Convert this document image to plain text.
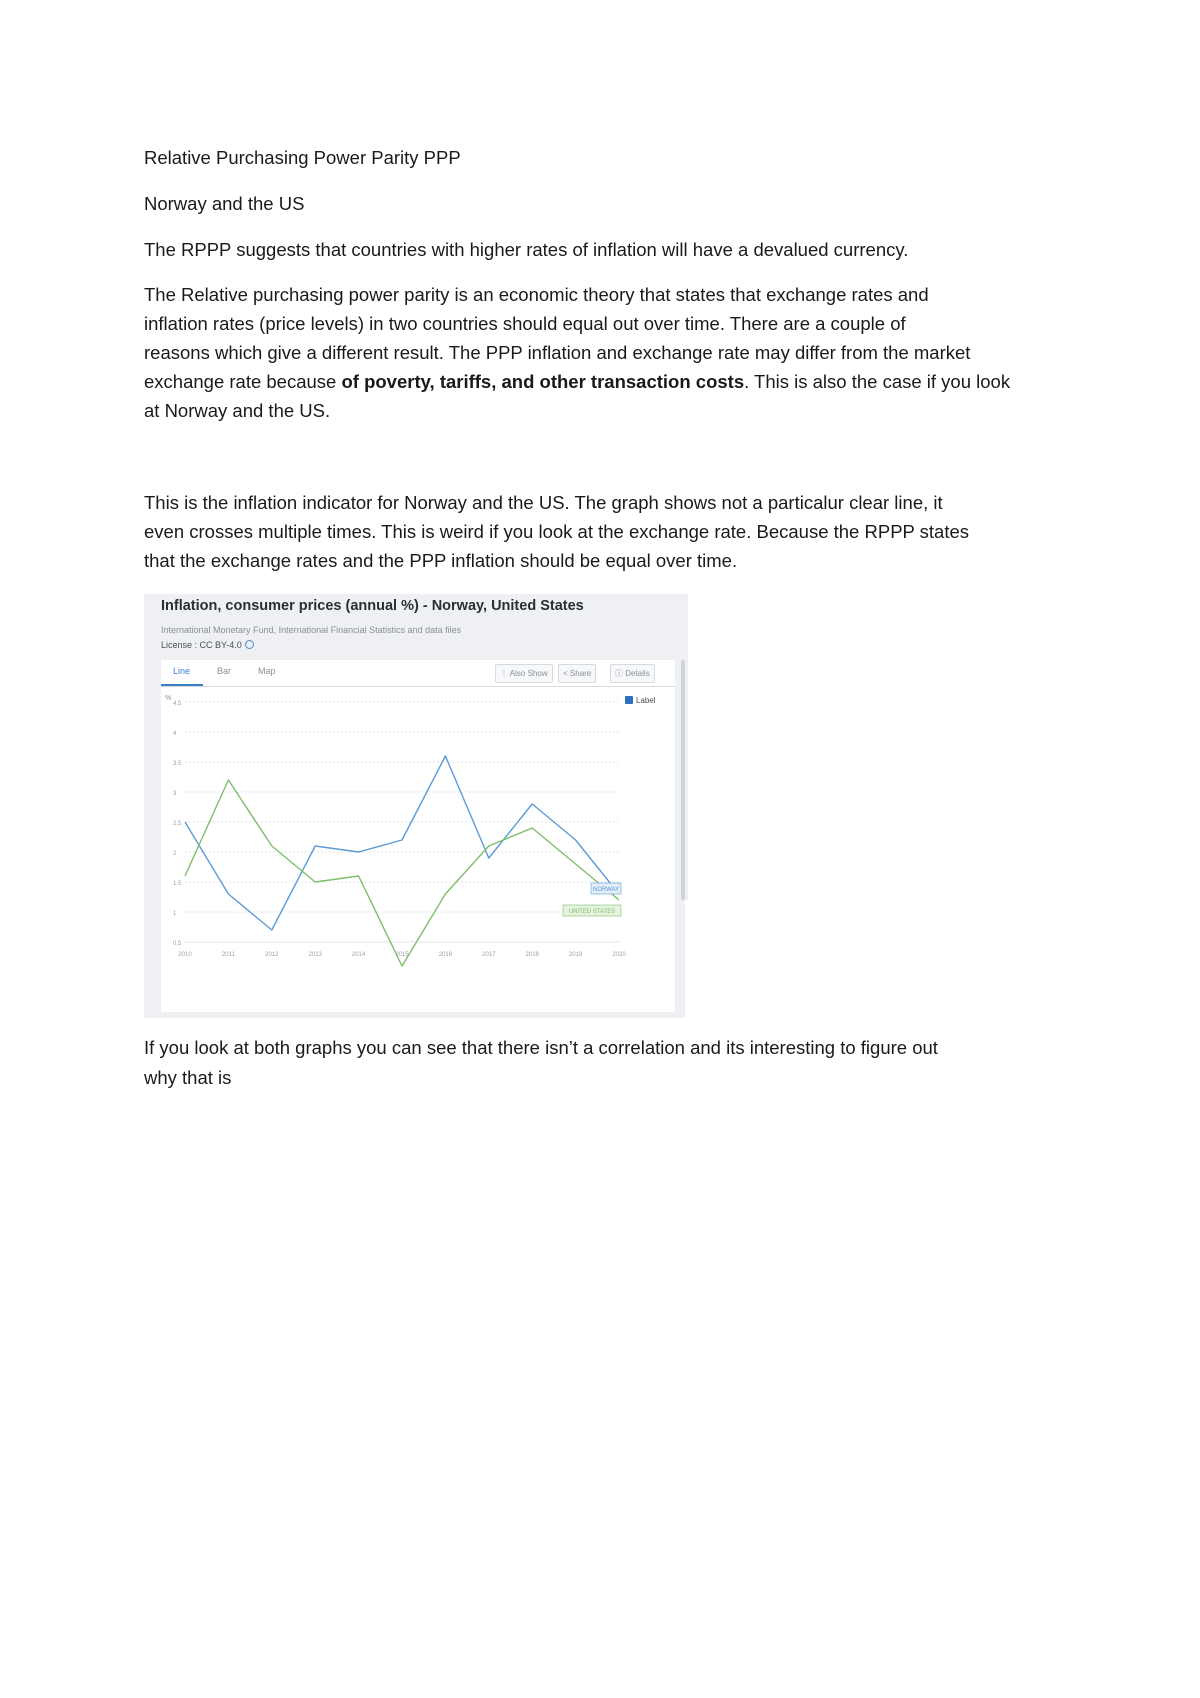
Relative Purchasing Power Parity PPP

Norway and the US

The RPPP suggests that countries with higher rates of inflation will have a devalued currency.

The Relative purchasing power parity is an economic theory that states that exchange rates and

inflation rates (price levels) in two countries should equal out over time. There are a couple of

reasons which give a different result. The PPP inflation and exchange rate may differ from the market

exchange rate because of poverty, tariffs, and other transaction costs. This is also the case if you look

at Norway and the US.

This is the inflation indicator for Norway and the US. The graph shows not a particalur clear line, it

even crosses multiple times. This is weird if you look at the exchange rate. Because the RPPP states

that the exchange rates and the PPP inflation should be equal over time.

If you look at both graphs you can see that there isn’t a correlation and its interesting to figure out

why that is

Inflation, consumer prices (annual %) - Norway, United States
International Monetary Fund, International Financial Statistics and data files
License : CC BY-4.0
Line	Bar	Map	⋮ Also Show	< Share	ⓘ Details
Label
%
0.5
1
1.5
2
2.5
3
3.5
4
4.5
2010	2011	2012	2013	2014	2015	2016	2017	2018	2019	2020
NORWAY
UNITED STATES
